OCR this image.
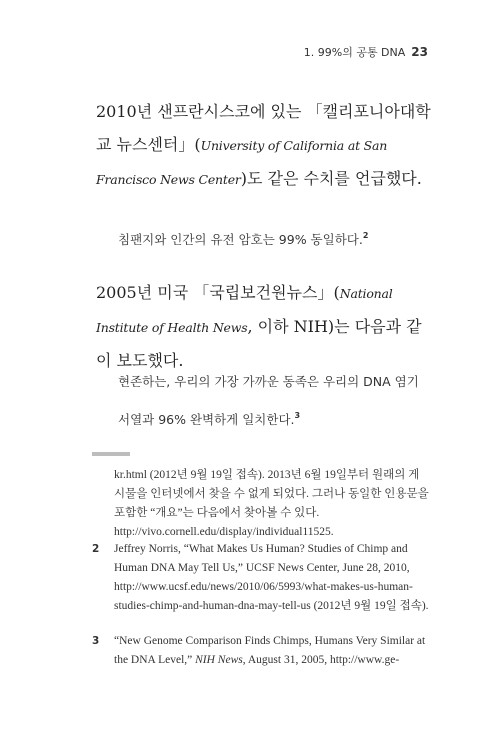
1. 99%의 공통 DNA 23
2010년 샌프란시스코에 있는 「캘리포니아대학교 뉴스센터」(University of California at San Francisco News Center)도 같은 수치를 언급했다.
침팬지와 인간의 유전 암호는 99% 동일하다.$^2$
2005년 미국 「국립보건원뉴스」(National Institute of Health News, 이하 NIH)는 다음과 같이 보도했다.
현존하는, 우리의 가장 가까운 동족은 우리의 DNA 염기 서열과 96% 완벽하게 일치한다.$^3$
kr.html (2012년 9월 19일 접속). 2013년 6월 19일부터 원래의 게시물을 인터넷에서 찾을 수 없게 되었다. 그러나 동일한 인용문을 포함한 “개요”는 다음에서 찾아볼 수 있다. http://vivo.cornell.edu/display/individual11525.
2 Jeffrey Norris, “What Makes Us Human? Studies of Chimp and Human DNA May Tell Us,” UCSF News Center, June 28, 2010, http://www.ucsf.edu/news/2010/06/5993/what-makes-us-human-studies-chimp-and-human-dna-may-tell-us (2012년 9월 19일 접속).
3 “New Genome Comparison Finds Chimps, Humans Very Similar at the DNA Level,” NIH News, August 31, 2005, http://www.ge-
